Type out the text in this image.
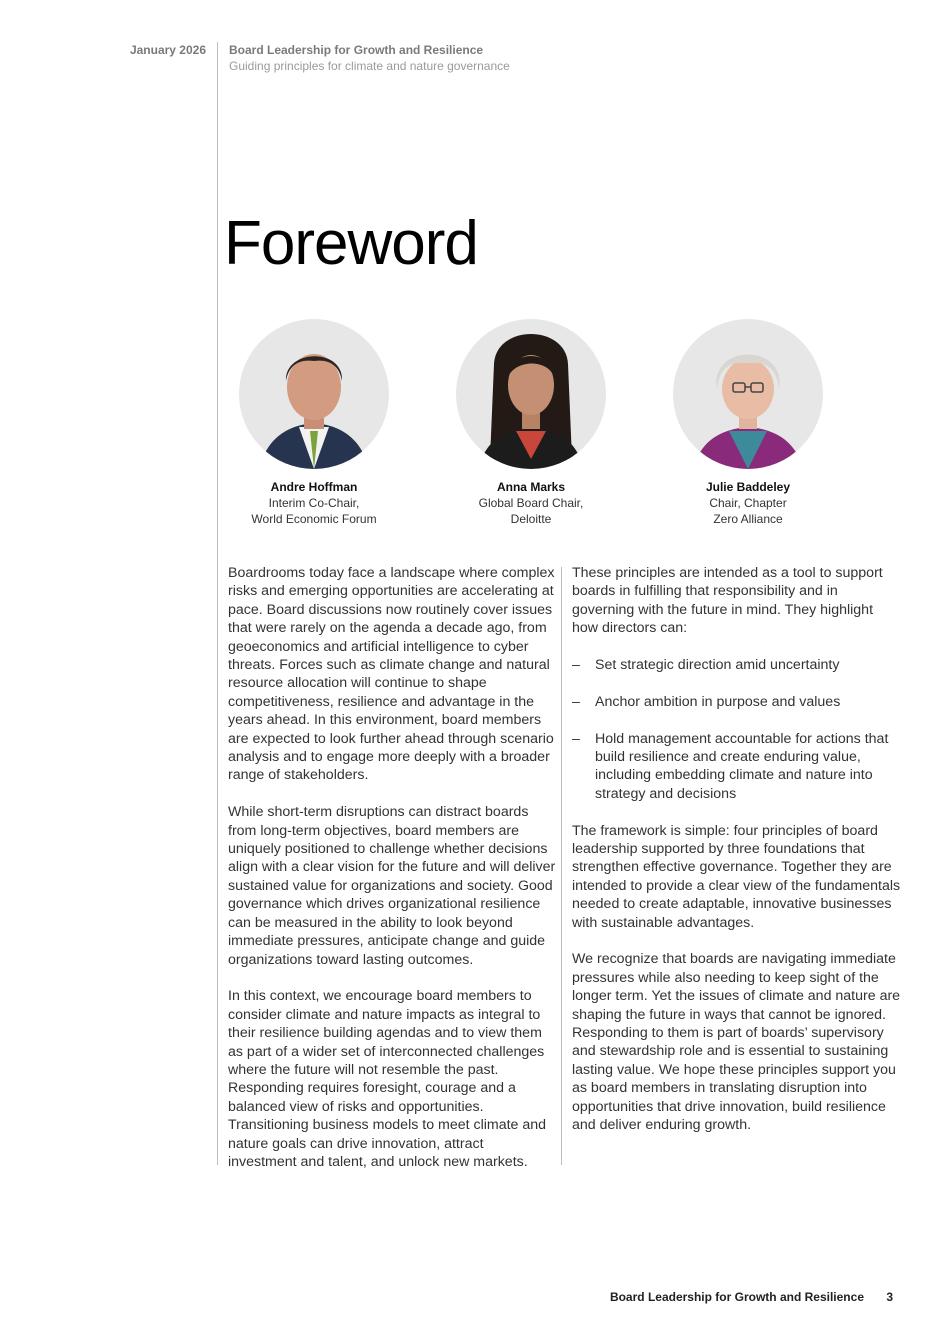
January 2026 Board Leadership for Growth and Resilience
Guiding principles for climate and nature governance
Foreword
Andre Hoffman
Interim Co-Chair,
World Economic Forum
Anna Marks
Global Board Chair,
Deloitte
Julie Baddeley
Chair, Chapter
Zero Alliance

Boardrooms today face a landscape where complex risks and emerging opportunities are accelerating at pace. Board discussions now routinely cover issues that were rarely on the agenda a decade ago, from geoeconomics and artificial intelligence to cyber threats. Forces such as climate change and natural resource allocation will continue to shape competitiveness, resilience and advantage in the years ahead. In this environment, board members are expected to look further ahead through scenario analysis and to engage more deeply with a broader range of stakeholders.

While short-term disruptions can distract boards from long-term objectives, board members are uniquely positioned to challenge whether decisions align with a clear vision for the future and will deliver sustained value for organizations and society. Good governance which drives organizational resilience can be measured in the ability to look beyond immediate pressures, anticipate change and guide organizations toward lasting outcomes.

In this context, we encourage board members to consider climate and nature impacts as integral to their resilience building agendas and to view them as part of a wider set of interconnected challenges where the future will not resemble the past. Responding requires foresight, courage and a balanced view of risks and opportunities. Transitioning business models to meet climate and nature goals can drive innovation, attract investment and talent, and unlock new markets.

These principles are intended as a tool to support boards in fulfilling that responsibility and in governing with the future in mind. They highlight how directors can:

– Set strategic direction amid uncertainty
– Anchor ambition in purpose and values
– Hold management accountable for actions that build resilience and create enduring value, including embedding climate and nature into strategy and decisions

The framework is simple: four principles of board leadership supported by three foundations that strengthen effective governance. Together they are intended to provide a clear view of the fundamentals needed to create adaptable, innovative businesses with sustainable advantages.

We recognize that boards are navigating immediate pressures while also needing to keep sight of the longer term. Yet the issues of climate and nature are shaping the future in ways that cannot be ignored. Responding to them is part of boards’ supervisory and stewardship role and is essential to sustaining lasting value. We hope these principles support you as board members in translating disruption into opportunities that drive innovation, build resilience and deliver enduring growth.

Board Leadership for Growth and Resilience 3
